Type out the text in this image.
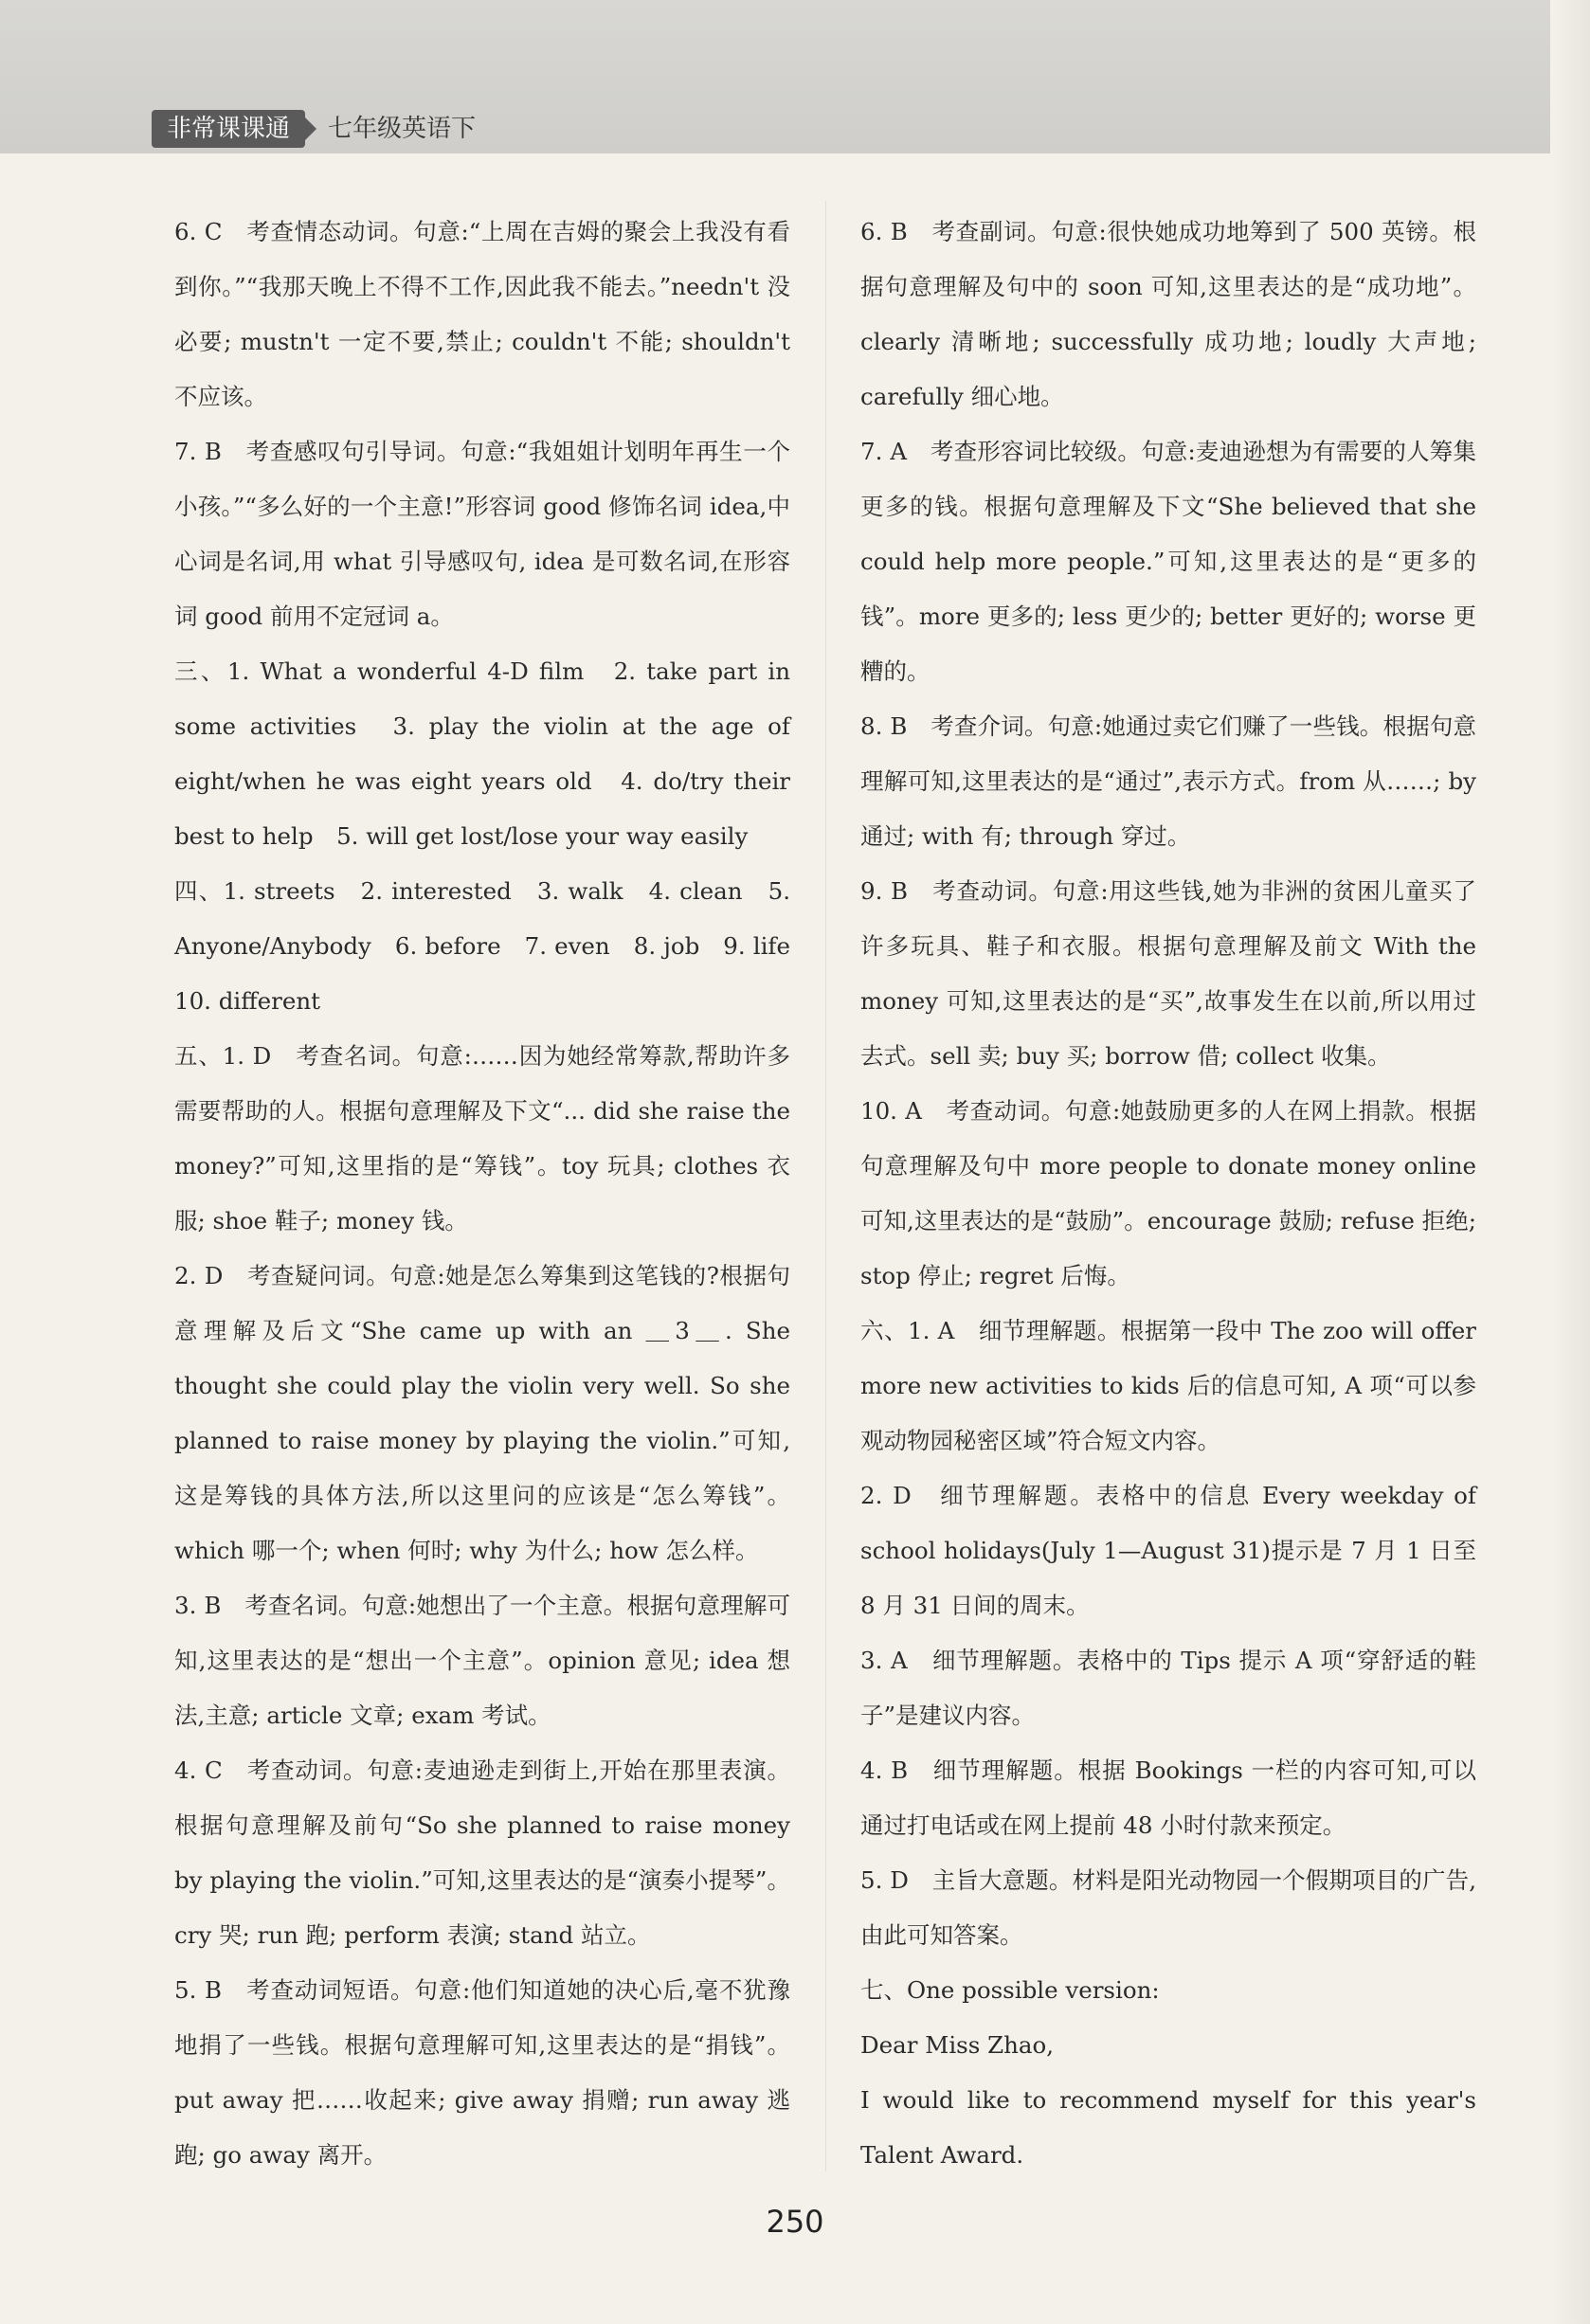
非常课课通	七年级英语下

6. C　考查情态动词。句意:“上周在吉姆的聚会上我没有看到你。”“我那天晚上不得不工作,因此我不能去。”needn't 没必要; mustn't 一定不要,禁止; couldn't 不能; shouldn't 不应该。

7. B　考查感叹句引导词。句意:“我姐姐计划明年再生一个小孩。”“多么好的一个主意!”形容词 good 修饰名词 idea,中心词是名词,用 what 引导感叹句, idea 是可数名词,在形容词 good 前用不定冠词 a。

三、1. What a wonderful 4-D film　2. take part in some activities　3. play the violin at the age of eight/when he was eight years old　4. do/try their best to help　5. will get lost/lose your way easily

四、1. streets　2. interested　3. walk　4. clean　5. Anyone/Anybody　6. before　7. even　8. job　9. life　10. different

五、1. D　考查名词。句意:……因为她经常筹款,帮助许多需要帮助的人。根据句意理解及下文“... did she raise the money?”可知,这里指的是“筹钱”。toy 玩具; clothes 衣服; shoe 鞋子; money 钱。

2. D　考查疑问词。句意:她是怎么筹集到这笔钱的?根据句意理解及后文“She came up with an ＿3＿. She thought she could play the violin very well. So she planned to raise money by playing the violin.”可知,这是筹钱的具体方法,所以这里问的应该是“怎么筹钱”。which 哪一个; when 何时; why 为什么; how 怎么样。

3. B　考查名词。句意:她想出了一个主意。根据句意理解可知,这里表达的是“想出一个主意”。opinion 意见; idea 想法,主意; article 文章; exam 考试。

4. C　考查动词。句意:麦迪逊走到街上,开始在那里表演。根据句意理解及前句“So she planned to raise money by playing the violin.”可知,这里表达的是“演奏小提琴”。cry 哭; run 跑; perform 表演; stand 站立。

5. B　考查动词短语。句意:他们知道她的决心后,毫不犹豫地捐了一些钱。根据句意理解可知,这里表达的是“捐钱”。put away 把……收起来; give away 捐赠; run away 逃跑; go away 离开。

6. B　考查副词。句意:很快她成功地筹到了 500 英镑。根据句意理解及句中的 soon 可知,这里表达的是“成功地”。clearly 清晰地; successfully 成功地; loudly 大声地; carefully 细心地。

7. A　考查形容词比较级。句意:麦迪逊想为有需要的人筹集更多的钱。根据句意理解及下文“She believed that she could help more people.”可知,这里表达的是“更多的钱”。more 更多的; less 更少的; better 更好的; worse 更糟的。

8. B　考查介词。句意:她通过卖它们赚了一些钱。根据句意理解可知,这里表达的是“通过”,表示方式。from 从……; by 通过; with 有; through 穿过。

9. B　考查动词。句意:用这些钱,她为非洲的贫困儿童买了许多玩具、鞋子和衣服。根据句意理解及前文 With the money 可知,这里表达的是“买”,故事发生在以前,所以用过去式。sell 卖; buy 买; borrow 借; collect 收集。

10. A　考查动词。句意:她鼓励更多的人在网上捐款。根据句意理解及句中 more people to donate money online 可知,这里表达的是“鼓励”。encourage 鼓励; refuse 拒绝; stop 停止; regret 后悔。

六、1. A　细节理解题。根据第一段中 The zoo will offer more new activities to kids 后的信息可知, A 项“可以参观动物园秘密区域”符合短文内容。

2. D　细节理解题。表格中的信息 Every weekday of school holidays(July 1—August 31)提示是 7 月 1 日至 8 月 31 日间的周末。

3. A　细节理解题。表格中的 Tips 提示 A 项“穿舒适的鞋子”是建议内容。

4. B　细节理解题。根据 Bookings 一栏的内容可知,可以通过打电话或在网上提前 48 小时付款来预定。

5. D　主旨大意题。材料是阳光动物园一个假期项目的广告,由此可知答案。

七、One possible version:

Dear Miss Zhao,

I would like to recommend myself for this year's Talent Award.

250
